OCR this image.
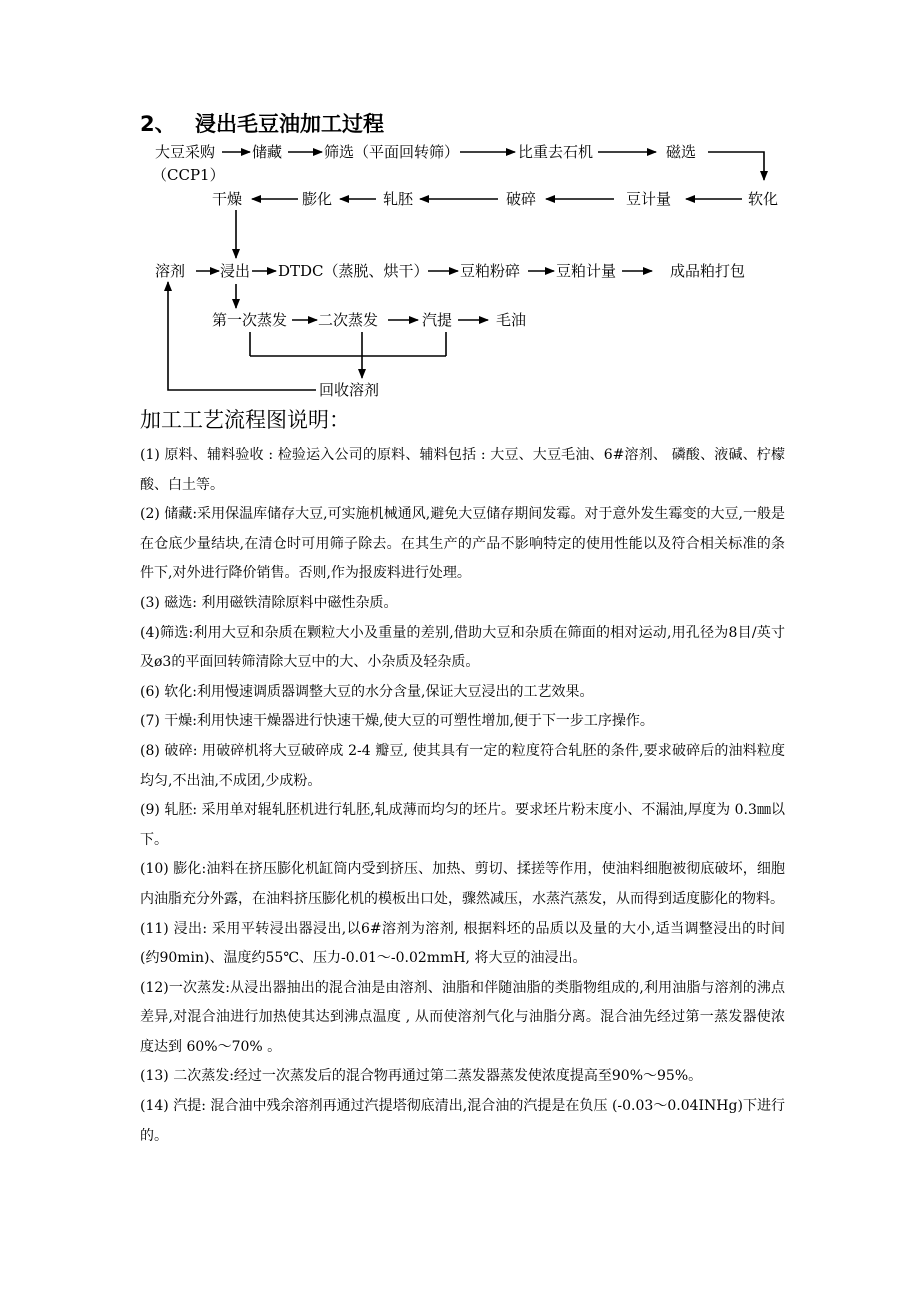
2、 浸出毛豆油加工过程
大豆采购
（CCP1）
储藏	筛选（平面回转筛）	比重去石机	磁选
软化
豆计量
破碎
轧胚
膨化
干燥
溶剂 浸出 DTDC（蒸脱、烘干） 豆粕粉碎 豆粕计量	成品粕打包
第一次蒸发 二次蒸发	汽提	毛油
回收溶剂
加工工艺流程图说明：

(1) 原料、辅料验收 : 检验运入公司的原料、辅料包括 : 大豆、大豆毛油、6#溶剂、 磷酸、液碱、柠檬酸、白土等。

(2) 储藏:采用保温库储存大豆,可实施机械通风,避免大豆储存期间发霉。对于意外发生霉变的大豆,一般是在仓底少量结块,在清仓时可用筛子除去。在其生产的产品不影响特定的使用性能以及符合相关标准的条件下,对外进行降价销售。否则,作为报废料进行处理。

(3) 磁选: 利用磁铁清除原料中磁性杂质。

(4)筛选:利用大豆和杂质在颗粒大小及重量的差别,借助大豆和杂质在筛面的相对运动,用孔径为8目/英寸及ø3的平面回转筛清除大豆中的大、小杂质及轻杂质。

(6) 软化:利用慢速调质器调整大豆的水分含量,保证大豆浸出的工艺效果。

(7) 干燥:利用快速干燥器进行快速干燥,使大豆的可塑性增加,便于下一步工序操作。

(8) 破碎: 用破碎机将大豆破碎成 2-4 瓣豆, 使其具有一定的粒度符合轧胚的条件,要求破碎后的油料粒度均匀,不出油,不成团,少成粉。

(9) 轧胚: 采用单对辊轧胚机进行轧胚,轧成薄而均匀的坯片。要求坯片粉末度小、不漏油,厚度为 0.3㎜以下。

(10) 膨化:油料在挤压膨化机缸筒内受到挤压、加热、剪切、揉搓等作用，使油料细胞被彻底破坏，细胞内油脂充分外露，在油料挤压膨化机的模板出口处，骤然减压，水蒸汽蒸发，从而得到适度膨化的物料。

(11) 浸出: 采用平转浸出器浸出,以6#溶剂为溶剂, 根据料坯的品质以及量的大小,适当调整浸出的时间(约90min)、温度约55℃、压力-0.01～-0.02mmH, 将大豆的油浸出。

(12)一次蒸发:从浸出器抽出的混合油是由溶剂、油脂和伴随油脂的类脂物组成的,利用油脂与溶剂的沸点差异,对混合油进行加热使其达到沸点温度 , 从而使溶剂气化与油脂分离。混合油先经过第一蒸发器使浓度达到 60%～70% 。

(13) 二次蒸发:经过一次蒸发后的混合物再通过第二蒸发器蒸发使浓度提高至90%～95%。

(14) 汽提: 混合油中残余溶剂再通过汽提塔彻底清出,混合油的汽提是在负压 (-0.03～0.04INHg)下进行的。
